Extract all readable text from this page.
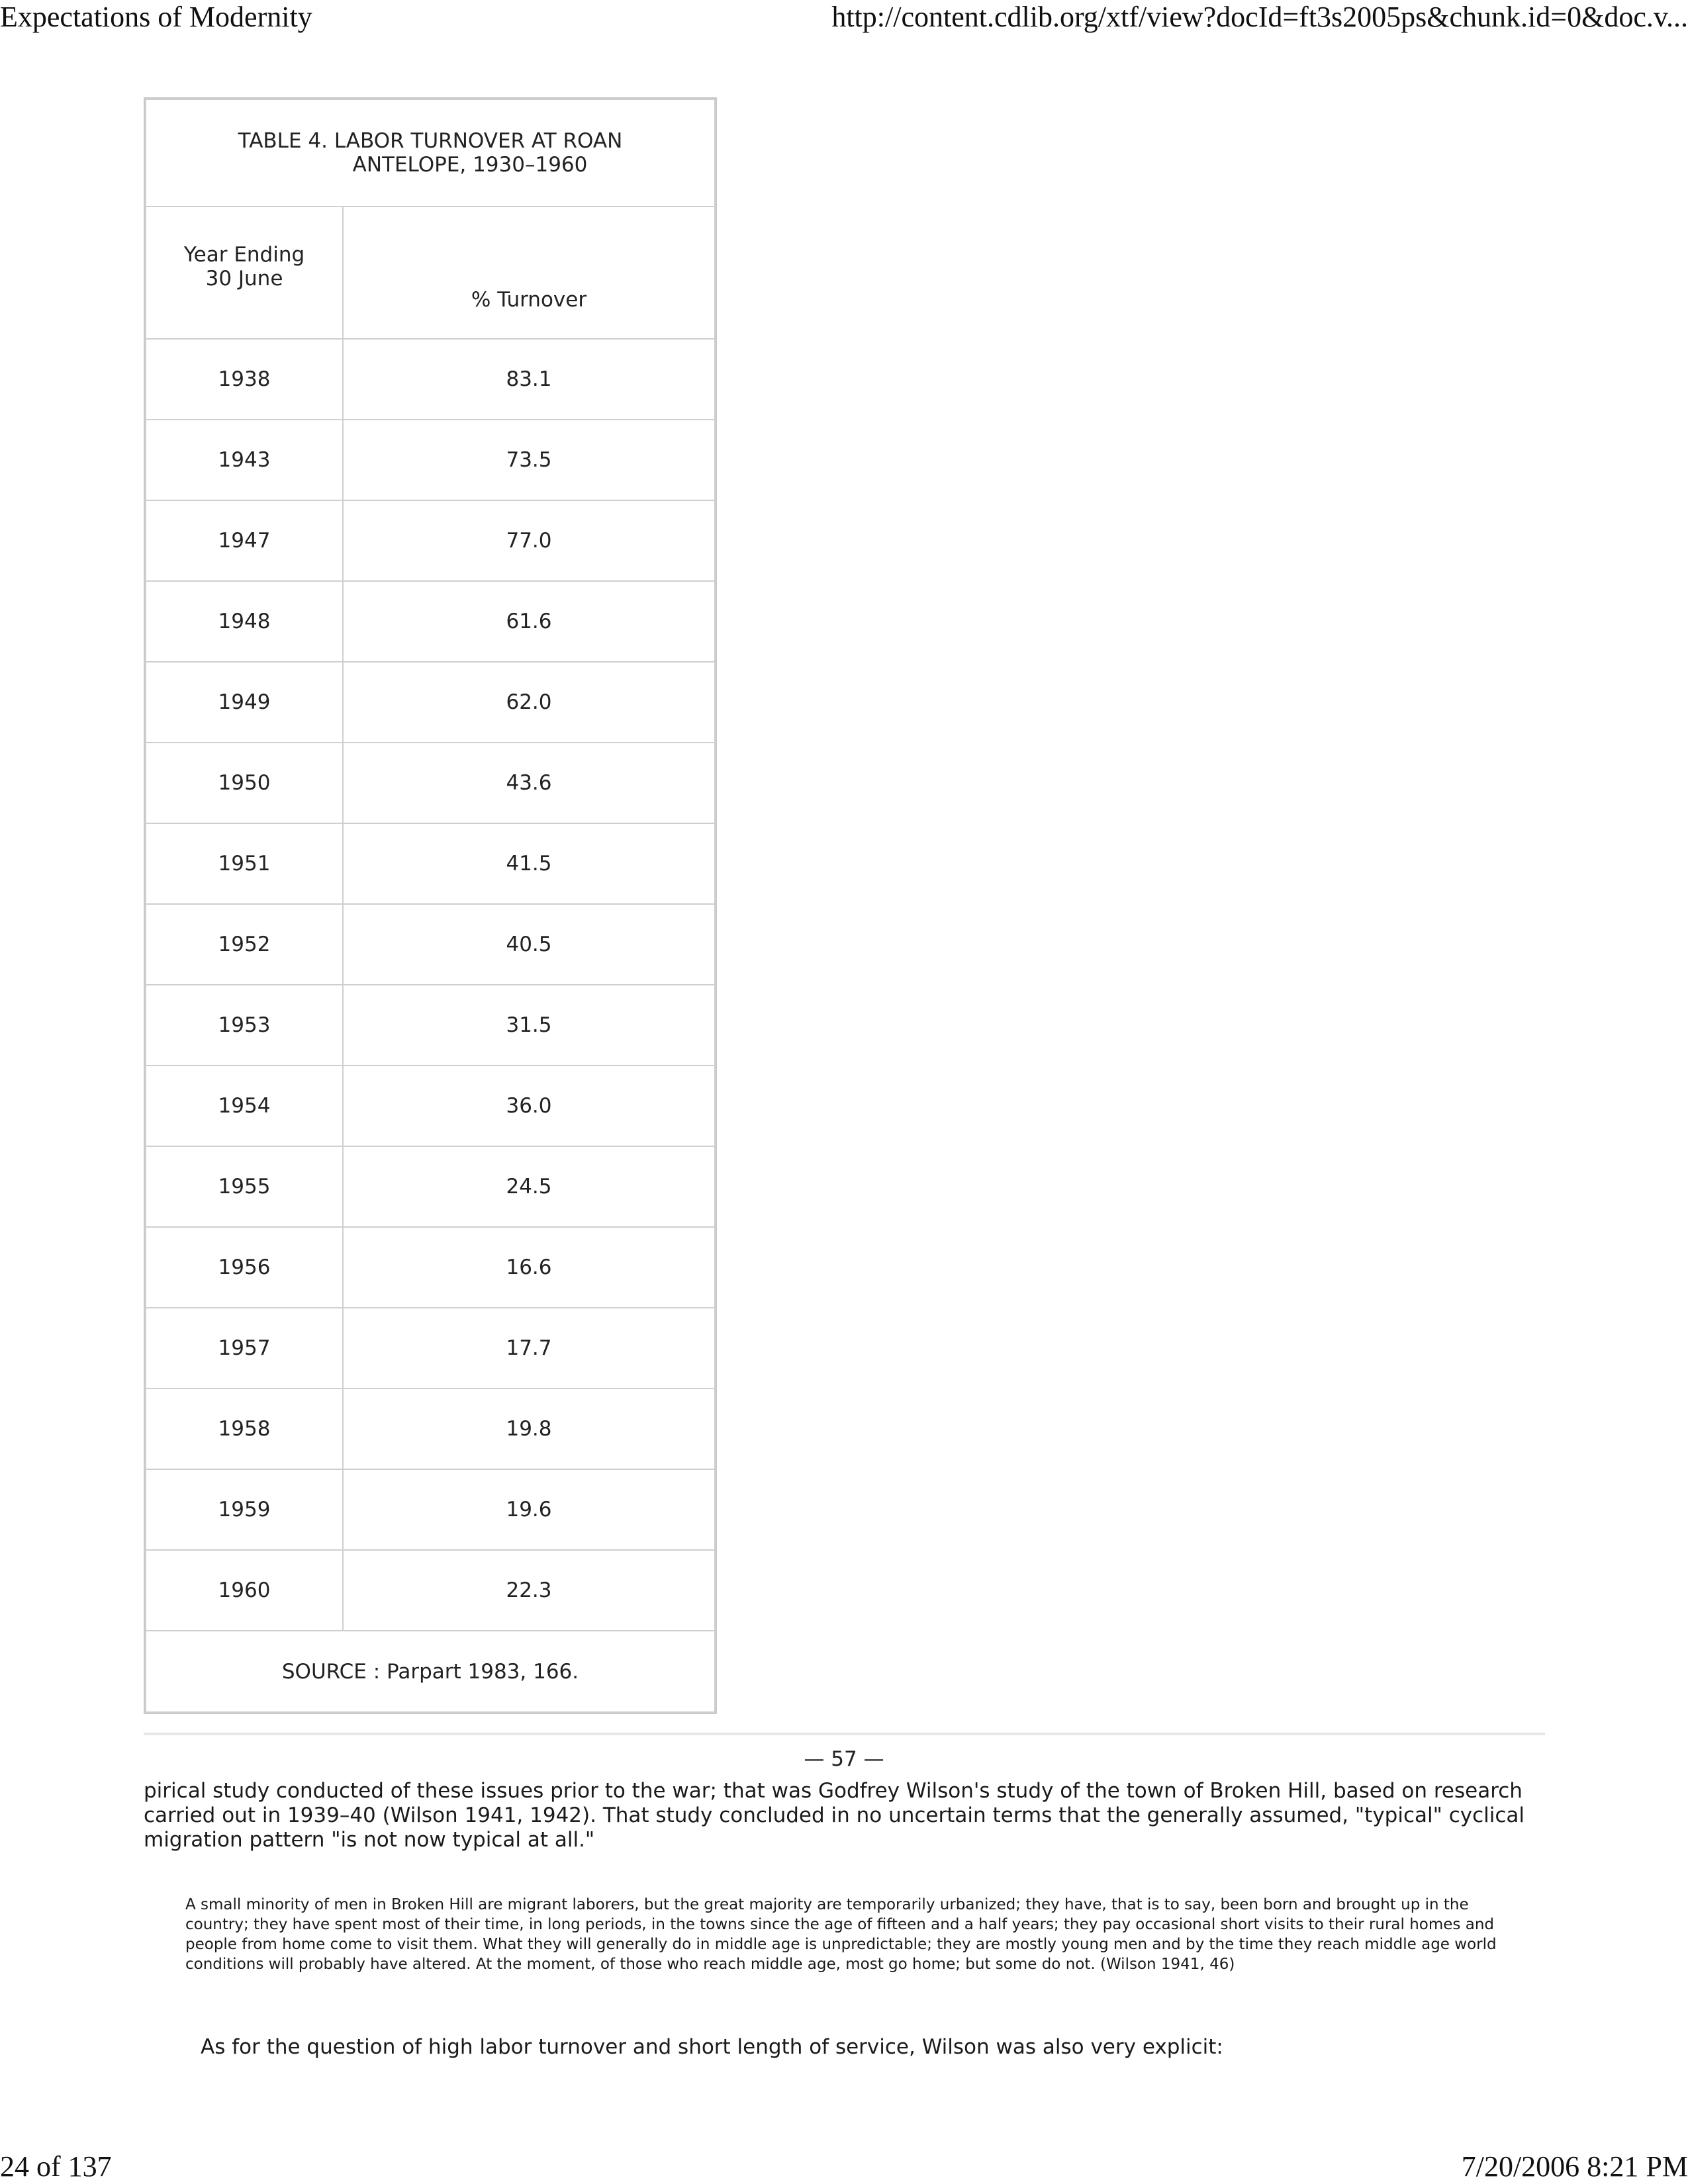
Expectations of Modernity	http://content.cdlib.org/xtf/view?docId=ft3s2005ps&chunk.id=0&doc.v...
TABLE 4. LABOR TURNOVER AT ROAN
ANTELOPE, 1930–1960	

Year Ending
30 June	% Turnover
1938	83.1
1943	73.5
1947	77.0
1948	61.6
1949	62.0
1950	43.6
1951	41.5
1952	40.5
1953	31.5
1954	36.0
1955	24.5
1956	16.6
1957	17.7
1958	19.8
1959	19.6
1960	22.3
SOURCE : Parpart 1983, 166.	
— 57 —
pirical study conducted of these issues prior to the war; that was Godfrey Wilson's study of the town of Broken Hill, based on research carried out in 1939–40 (Wilson 1941, 1942). That study concluded in no uncertain terms that the generally assumed, "typical" cyclical migration pattern "is not now typical at all."
A small minority of men in Broken Hill are migrant laborers, but the great majority are temporarily urbanized; they have, that is to say, been born and brought up in the country; they have spent most of their time, in long periods, in the towns since the age of fifteen and a half years; they pay occasional short visits to their rural homes and people from home come to visit them. What they will generally do in middle age is unpredictable; they are mostly young men and by the time they reach middle age world conditions will probably have altered. At the moment, of those who reach middle age, most go home; but some do not. (Wilson 1941, 46)
As for the question of high labor turnover and short length of service, Wilson was also very explicit:
24 of 137	7/20/2006 8:21 PM
